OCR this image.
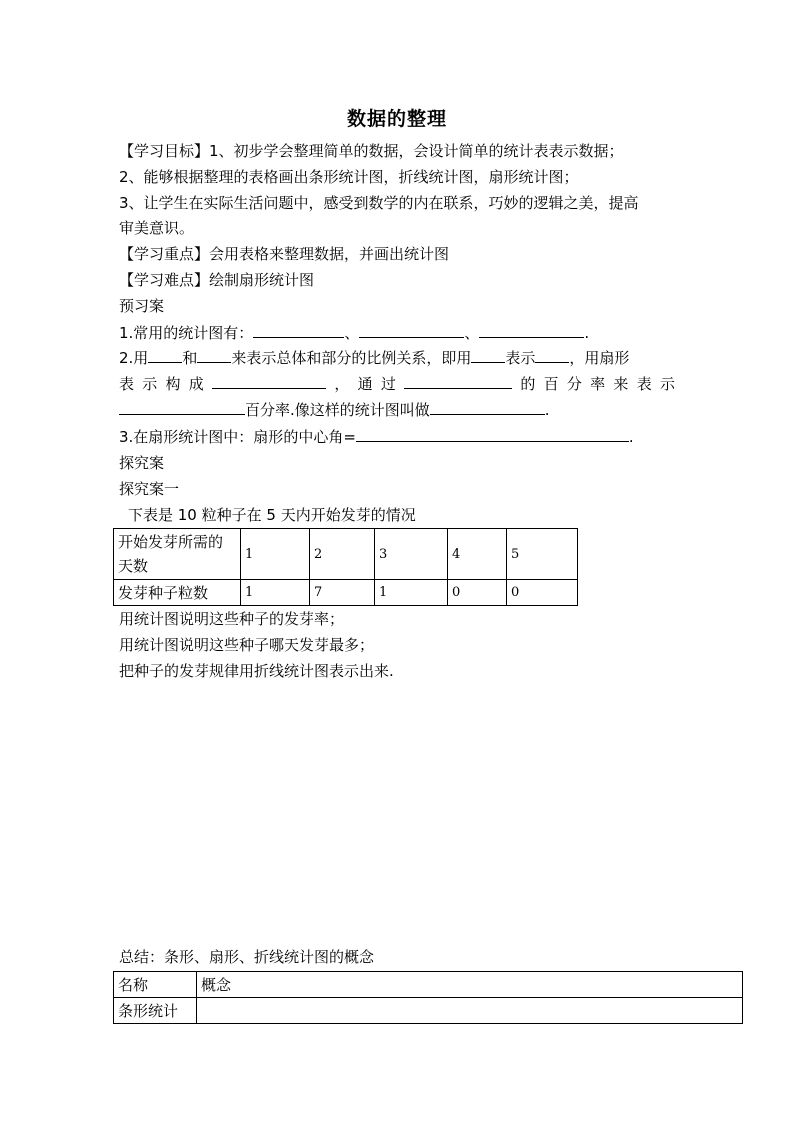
数据的整理
【学习目标】1、初步学会整理简单的数据，会设计简单的统计表表示数据；
2、能够根据整理的表格画出条形统计图，折线统计图，扇形统计图；
3、让学生在实际生活问题中，感受到数学的内在联系，巧妙的逻辑之美，提高
审美意识。
【学习重点】会用表格来整理数据，并画出统计图
【学习难点】绘制扇形统计图
预习案
1.常用的统计图有：	、	、	.
2.用 和 来表示总体和部分的比例关系，即用 表示 ，用扇形
表 示 构 成	， 通 过	的 百 分 率 来 表 示
百分率.像这样的统计图叫做	.
3.在扇形统计图中：扇形的中心角=	.
探究案
探究案一
下表是 10 粒种子在 5 天内开始发芽的情况
开始发芽所需的天数	1	2	3	4	5
发芽种子粒数	1	7	1	0	0
用统计图说明这些种子的发芽率；
用统计图说明这些种子哪天发芽最多；
把种子的发芽规律用折线统计图表示出来.
总结：条形、扇形、折线统计图的概念
名称	概念
条形统计	
